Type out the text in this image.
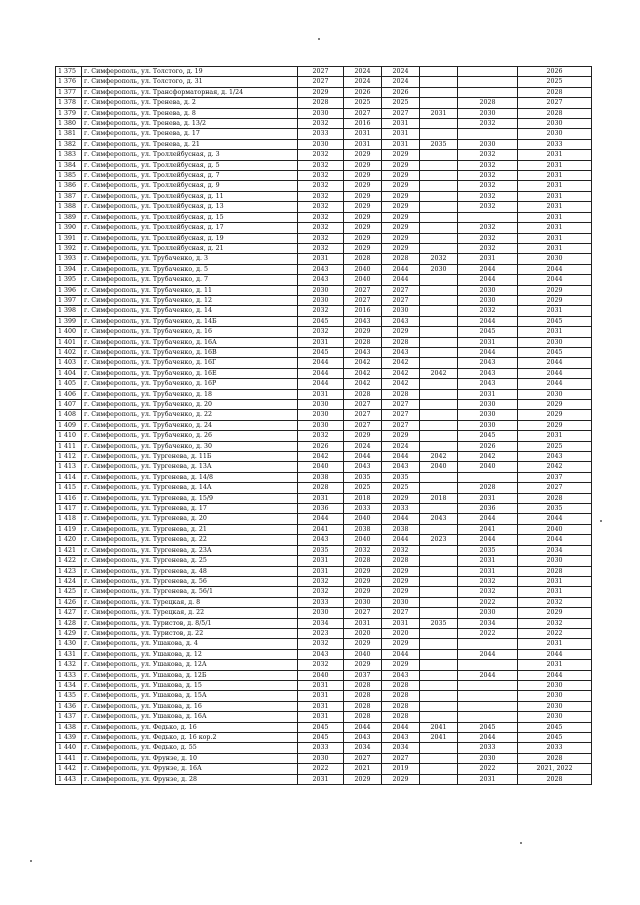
1 375	г. Симферополь, ул. Толстого, д. 19	2027	2024	2024			2026
1 376	г. Симферополь, ул. Толстого, д. 31	2027	2024	2024			2025
1 377	г. Симферополь, ул. Трансформаторная, д. 1/24	2029	2026	2026			2028
1 378	г. Симферополь, ул. Тренева, д. 2	2028	2025	2025		2028	2027
1 379	г. Симферополь, ул. Тренева, д. 8	2030	2027	2027	2031	2030	2028
1 380	г. Симферополь, ул. Тренева, д. 13/2	2032	2016	2031		2032	2030
1 381	г. Симферополь, ул. Тренева, д. 17	2033	2031	2031			2030
1 382	г. Симферополь, ул. Тренева, д. 21	2030	2031	2031	2035	2030	2033
1 383	г. Симферополь, ул. Троллейбусная, д. 3	2032	2029	2029		2032	2031
1 384	г. Симферополь, ул. Троллейбусная, д. 5	2032	2029	2029		2032	2031
1 385	г. Симферополь, ул. Троллейбусная, д. 7	2032	2029	2029		2032	2031
1 386	г. Симферополь, ул. Троллейбусная, д. 9	2032	2029	2029		2032	2031
1 387	г. Симферополь, ул. Троллейбусная, д. 11	2032	2029	2029		2032	2031
1 388	г. Симферополь, ул. Троллейбусная, д. 13	2032	2029	2029		2032	2031
1 389	г. Симферополь, ул. Троллейбусная, д. 15	2032	2029	2029			2031
1 390	г. Симферополь, ул. Троллейбусная, д. 17	2032	2029	2029		2032	2031
1 391	г. Симферополь, ул. Троллейбусная, д. 19	2032	2029	2029		2032	2031
1 392	г. Симферополь, ул. Троллейбусная, д. 21	2032	2029	2029		2032	2031
1 393	г. Симферополь, ул. Трубаченко, д. 3	2031	2028	2028	2032	2031	2030
1 394	г. Симферополь, ул. Трубаченко, д. 5	2043	2040	2044	2030	2044	2044
1 395	г. Симферополь, ул. Трубаченко, д. 7	2043	2040	2044		2044	2044
1 396	г. Симферополь, ул. Трубаченко, д. 11	2030	2027	2027		2030	2029
1 397	г. Симферополь, ул. Трубаченко, д. 12	2030	2027	2027		2030	2029
1 398	г. Симферополь, ул. Трубаченко, д. 14	2032	2016	2030		2032	2031
1 399	г. Симферополь, ул. Трубаченко, д. 14Б	2045	2043	2043		2044	2045
1 400	г. Симферополь, ул. Трубаченко, д. 16	2032	2029	2029		2045	2031
1 401	г. Симферополь, ул. Трубаченко, д. 16А	2031	2028	2028		2031	2030
1 402	г. Симферополь, ул. Трубаченко, д. 16В	2045	2043	2043		2044	2045
1 403	г. Симферополь, ул. Трубаченко, д. 16Г	2044	2042	2042		2043	2044
1 404	г. Симферополь, ул. Трубаченко, д. 16Е	2044	2042	2042	2042	2043	2044
1 405	г. Симферополь, ул. Трубаченко, д. 16Р	2044	2042	2042		2043	2044
1 406	г. Симферополь, ул. Трубаченко, д. 18	2031	2028	2028		2031	2030
1 407	г. Симферополь, ул. Трубаченко, д. 20	2030	2027	2027		2030	2029
1 408	г. Симферополь, ул. Трубаченко, д. 22	2030	2027	2027		2030	2029
1 409	г. Симферополь, ул. Трубаченко, д. 24	2030	2027	2027		2030	2029
1 410	г. Симферополь, ул. Трубаченко, д. 26	2032	2029	2029		2045	2031
1 411	г. Симферополь, ул. Трубаченко, д. 30	2026	2024	2024		2026	2025
1 412	г. Симферополь, ул. Тургенева, д. 11Б	2042	2044	2044	2042	2042	2043
1 413	г. Симферополь, ул. Тургенева, д. 13А	2040	2043	2043	2040	2040	2042
1 414	г. Симферополь, ул. Тургенева, д. 14/8	2038	2035	2035			2037
1 415	г. Симферополь, ул. Тургенева, д. 14А	2028	2025	2025		2028	2027
1 416	г. Симферополь, ул. Тургенева, д. 15/9	2031	2018	2029	2018	2031	2028
1 417	г. Симферополь, ул. Тургенева, д. 17	2036	2033	2033		2036	2035
1 418	г. Симферополь, ул. Тургенева, д. 20	2044	2040	2044	2043	2044	2044
1 419	г. Симферополь, ул. Тургенева, д. 21	2041	2038	2038		2041	2040
1 420	г. Симферополь, ул. Тургенева, д. 22	2043	2040	2044	2023	2044	2044
1 421	г. Симферополь, ул. Тургенева, д. 23А	2035	2032	2032		2035	2034
1 422	г. Симферополь, ул. Тургенева, д. 25	2031	2028	2028		2031	2030
1 423	г. Симферополь, ул. Тургенева, д. 48	2031	2029	2029		2031	2028
1 424	г. Симферополь, ул. Тургенева, д. 56	2032	2029	2029		2032	2031
1 425	г. Симферополь, ул. Тургенева, д. 56/1	2032	2029	2029		2032	2031
1 426	г. Симферополь, ул. Турецкая, д. 8	2033	2030	2030		2022	2032
1 427	г. Симферополь, ул. Турецкая, д. 22	2030	2027	2027		2030	2029
1 428	г. Симферополь, ул. Туристов, д. 8/5/1	2034	2031	2031	2035	2034	2032
1 429	г. Симферополь, ул. Туристов, д. 22	2023	2020	2020		2022	2022
1 430	г. Симферополь, ул. Ушакова, д. 4	2032	2029	2029			2031
1 431	г. Симферополь, ул. Ушакова, д. 12	2043	2040	2044		2044	2044
1 432	г. Симферополь, ул. Ушакова, д. 12А	2032	2029	2029			2031
1 433	г. Симферополь, ул. Ушакова, д. 12Б	2040	2037	2043		2044	2044
1 434	г. Симферополь, ул. Ушакова, д. 15	2031	2028	2028			2030
1 435	г. Симферополь, ул. Ушакова, д. 15А	2031	2028	2028			2030
1 436	г. Симферополь, ул. Ушакова, д. 16	2031	2028	2028			2030
1 437	г. Симферополь, ул. Ушакова, д. 16А	2031	2028	2028			2030
1 438	г. Симферополь, ул. Федько, д. 16	2045	2044	2044	2041	2045	2045
1 439	г. Симферополь, ул. Федько, д. 16 кор.2	2045	2043	2043	2041	2044	2045
1 440	г. Симферополь, ул. Федько, д. 55	2033	2034	2034		2033	2033
1 441	г. Симферополь, ул. Фрунзе, д. 10	2030	2027	2027		2030	2028
1 442	г. Симферополь, ул. Фрунзе, д. 16А	2022	2021	2019		2022	2021, 2022
1 443	г. Симферополь, ул. Фрунзе, д. 28	2031	2029	2029		2031	2028
